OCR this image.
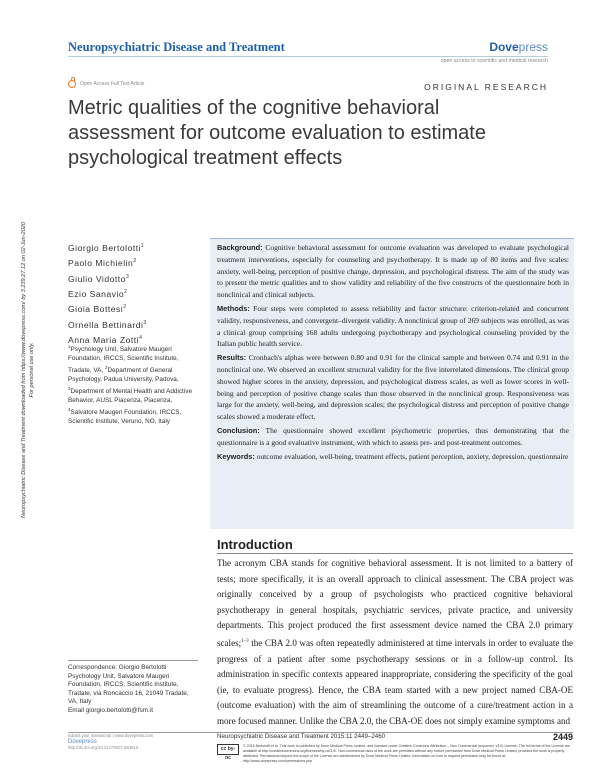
Neuropsychiatric Disease and Treatment	Dovepress
open access to scientific and medical research
Open Access Full Text Article	ORIGINAL RESEARCH
Metric qualities of the cognitive behavioral assessment for outcome evaluation to estimate psychological treatment effects
Neuropsychiatric Disease and Treatment downloaded from https://www.dovepress.com/ by 3.239.27.12 on 02-Jun-2020 For personal use only.
Giorgio Bertolotti$^1$
Paolo Michielin$^2$
Giulio Vidotto$^3$
Ezio Sanavio$^2$
Gioia Bottesi$^2$
Ornella Bettinardi$^3$
Anna Maria Zotti$^4$
$^1$Psychology Unit, Salvatore Maugeri Foundation, IRCCS, Scientific Institute, Tradate, VA, $^2$Department of General Psychology, Padua University, Padova, $^3$Department of Mental Health and Addictive Behavior, AUSL Piacenza, Piacenza, $^4$Salvatore Maugeri Foundation, IRCCS, Scientific Institute, Veruno, NO, Italy

Background: Cognitive behavioral assessment for outcome evaluation was developed to evaluate psychological treatment interventions, especially for counseling and psychotherapy. It is made up of 80 items and five scales: anxiety, well-being, perception of positive change, depression, and psychological distress. The aim of the study was to present the metric qualities and to show validity and reliability of the five constructs of the questionnaire both in nonclinical and clinical subjects.

Methods: Four steps were completed to assess reliability and factor structure: criterion-related and concurrent validity, responsiveness, and convergent–divergent validity. A nonclinical group of 269 subjects was enrolled, as was a clinical group comprising 168 adults undergoing psychotherapy and psychological counseling provided by the Italian public health service.

Results: Cronbach's alphas were between 0.80 and 0.91 for the clinical sample and between 0.74 and 0.91 in the nonclinical one. We observed an excellent structural validity for the five interrelated dimensions. The clinical group showed higher scores in the anxiety, depression, and psychological distress scales, as well as lower scores in well-being and perception of positive change scales than those observed in the nonclinical group. Responsiveness was large for the anxiety, well-being, and depression scales; the psychological distress and perception of positive change scales showed a moderate effect.

Conclusion: The questionnaire showed excellent psychometric properties, thus demonstrating that the questionnaire is a good evaluative instrument, with which to assess pre- and post-treatment outcomes.

Keywords: outcome evaluation, well-being, treatment effects, patient perception, anxiety, depression, questionnaire

Introduction
The acronym CBA stands for cognitive behavioral assessment. It is not limited to a battery of tests; more specifically, it is an overall approach to clinical assessment. The CBA project was originally conceived by a group of psychologists who practiced cognitive behavioral psychotherapy in general hospitals, psychiatric services, private practice, and university departments. This project produced the first assessment device named the CBA 2.0 primary scales;$^{1-3}$ the CBA 2.0 was often repeatedly administered at time intervals in order to evaluate the progress of a patient after some psychotherapy sessions or in a follow-up control. Its administration in specific contexts appeared inappropriate, considering the specificity of the goal (ie, to evaluate progress). Hence, the CBA team started with a new project named CBA-OE (outcome evaluation) with the aim of streamlining the outcome of a cure/treatment action in a more focused manner. Unlike the CBA 2.0, the CBA-OE does not simply examine symptoms and
Correspondence: Giorgio Bertolotti
Psychology Unit, Salvatore Maugeri Foundation, IRCCS, Scientific Institute, Tradate, via Roncaccio 16, 21049 Tradate, VA, Italy
Email giorgio.bertolotti@fsm.it
submit your manuscript | www.dovepress.com
Dovepress
http://dx.doi.org/10.2147/NDT.S84513
Neuropsychiatric Disease and Treatment 2015:11 2449–2460	2449
cc by-nc
© 2015 Bertolotti et al. This work is published by Dove Medical Press Limited, and licensed under Creative Commons Attribution – Non Commercial (unported, v3.0) License. The full terms of the License are available at http://creativecommons.org/licenses/by-nc/3.0/. Non-commercial uses of the work are permitted without any further permission from Dove Medical Press Limited, provided the work is properly attributed. Permissions beyond the scope of the License are administered by Dove Medical Press Limited. Information on how to request permission may be found at: http://www.dovepress.com/permissions.php
